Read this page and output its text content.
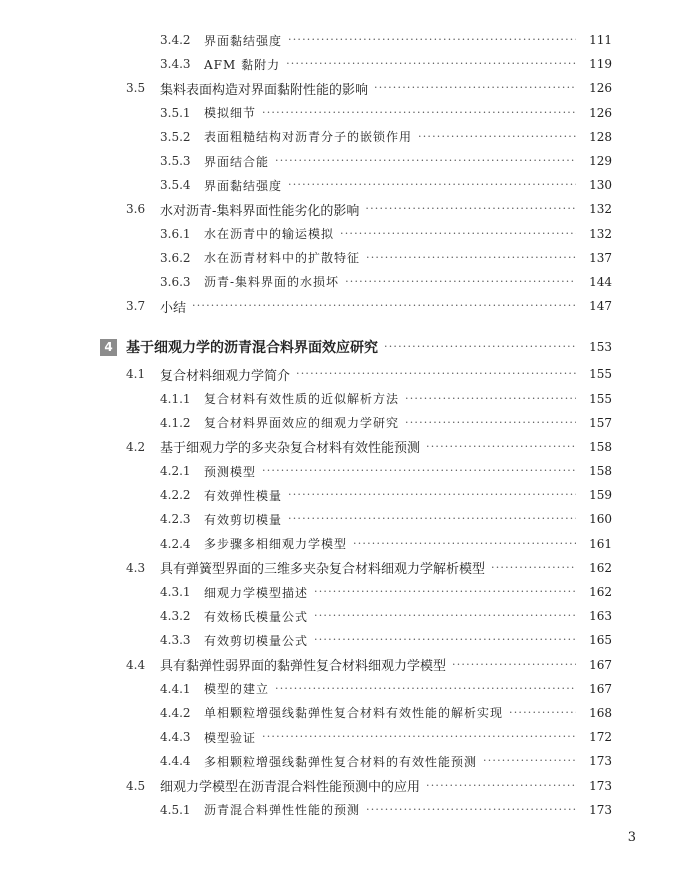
3.4.2	界面黏结强度 ·····	111
3.4.3	AFM 黏附力 ·····	119
3.5	集料表面构造对界面黏附性能的影响 ·····	126
3.5.1	模拟细节 ·····	126
3.5.2	表面粗糙结构对沥青分子的嵌锁作用 ·····	128
3.5.3	界面结合能 ·····	129
3.5.4	界面黏结强度 ·····	130
3.6	水对沥青-集料界面性能劣化的影响 ·····	132
3.6.1	水在沥青中的输运模拟 ·····	132
3.6.2	水在沥青材料中的扩散特征 ·····	137
3.6.3	沥青-集料界面的水损坏 ·····	144
3.7	小结 ·····	147
4 基于细观力学的沥青混合料界面效应研究 ·····	153
4.1	复合材料细观力学简介 ·····	155
4.1.1	复合材料有效性质的近似解析方法 ·····	155
4.1.2	复合材料界面效应的细观力学研究 ·····	157
4.2	基于细观力学的多夹杂复合材料有效性能预测 ·····	158
4.2.1	预测模型 ·····	158
4.2.2	有效弹性模量 ·····	159
4.2.3	有效剪切模量 ·····	160
4.2.4	多步骤多相细观力学模型 ·····	161
4.3	具有弹簧型界面的三维多夹杂复合材料细观力学解析模型 ·····	162
4.3.1	细观力学模型描述 ·····	162
4.3.2	有效杨氏模量公式 ·····	163
4.3.3	有效剪切模量公式 ·····	165
4.4	具有黏弹性弱界面的黏弹性复合材料细观力学模型 ·····	167
4.4.1	模型的建立 ·····	167
4.4.2	单相颗粒增强线黏弹性复合材料有效性能的解析实现 ·····	168
4.4.3	模型验证 ·····	172
4.4.4	多相颗粒增强线黏弹性复合材料的有效性能预测 ·····	173
4.5	细观力学模型在沥青混合料性能预测中的应用 ·····	173
4.5.1	沥青混合料弹性性能的预测 ·····	173
3
